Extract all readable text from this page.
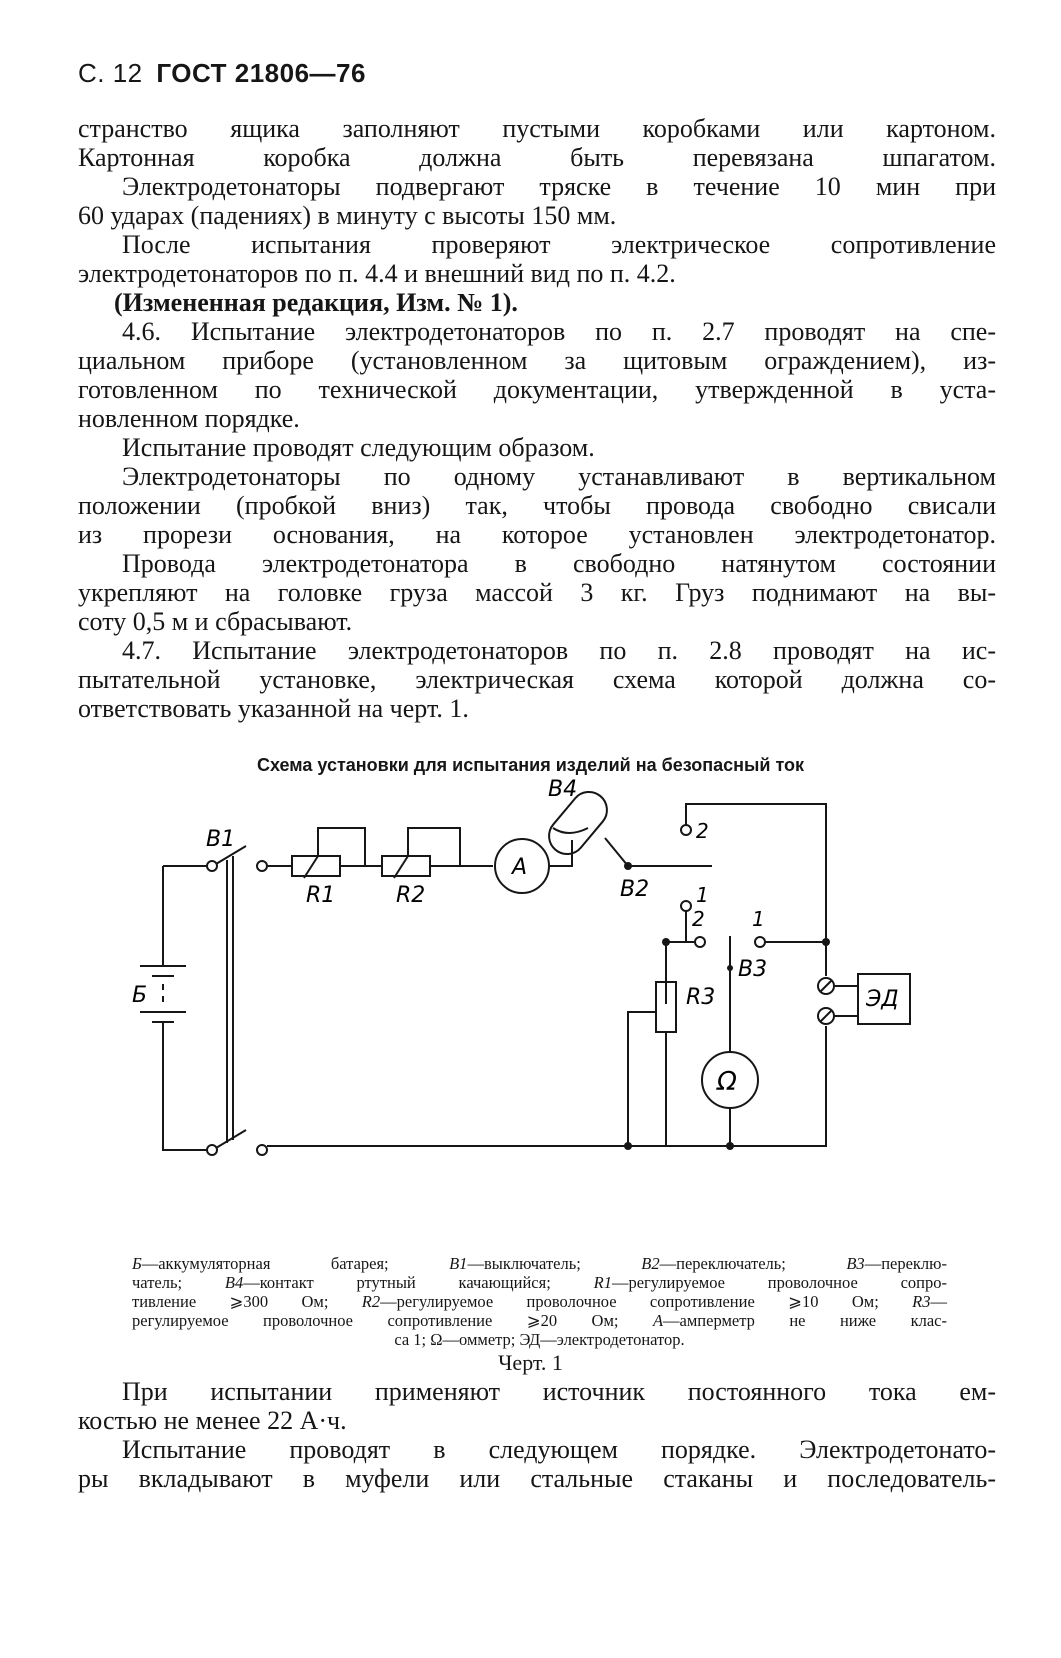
С. 12 ГОСТ 21806—76
странство ящика заполняют пустыми коробками или картоном.
Картонная коробка должна быть перевязана шпагатом.
Электродетонаторы подвергают тряске в течение 10 мин при
60 ударах (падениях) в минуту с высоты 150 мм.
После испытания проверяют электрическое сопротивление
электродетонаторов по п. 4.4 и внешний вид по п. 4.2.
(Измененная редакция, Изм. № 1).
4.6. Испытание электродетонаторов по п. 2.7 проводят на спе-
циальном приборе (установленном за щитовым ограждением), из-
готовленном по технической документации, утвержденной в уста-
новленном порядке.
Испытание проводят следующим образом.
Электродетонаторы по одному устанавливают в вертикальном
положении (пробкой вниз) так, чтобы провода свободно свисали
из прорези основания, на которое установлен электродетонатор.
Провода электродетонатора в свободно натянутом состоянии
укрепляют на головке груза массой 3 кг. Груз поднимают на вы-
соту 0,5 м и сбрасывают.
4.7. Испытание электродетонаторов по п. 2.8 проводят на ис-
пытательной установке, электрическая схема которой должна со-
ответствовать указанной на черт. 1.
Схема установки для испытания изделий на безопасный ток
B1
R1	R2
A
B4
B2 1
2
2 1
B3
R3
Б	ЭД
Ω
Б—аккумуляторная батарея; B1—выключатель; B2—переключатель; B3—переклю-
чатель; B4—контакт ртутный качающийся; R1—регулируемое проволочное сопро-
тивление ⩾300 Ом; R2—регулируемое проволочное сопротивление ⩾10 Ом; R3—
регулируемое проволочное сопротивление ⩾20 Ом; A—амперметр не ниже клас-
са 1; Ω—омметр; ЭД—электродетонатор.
Черт. 1
При испытании применяют источник постоянного тока ем-
костью не менее 22 А·ч.
Испытание проводят в следующем порядке. Электродетонато-
ры вкладывают в муфели или стальные стаканы и последователь-
